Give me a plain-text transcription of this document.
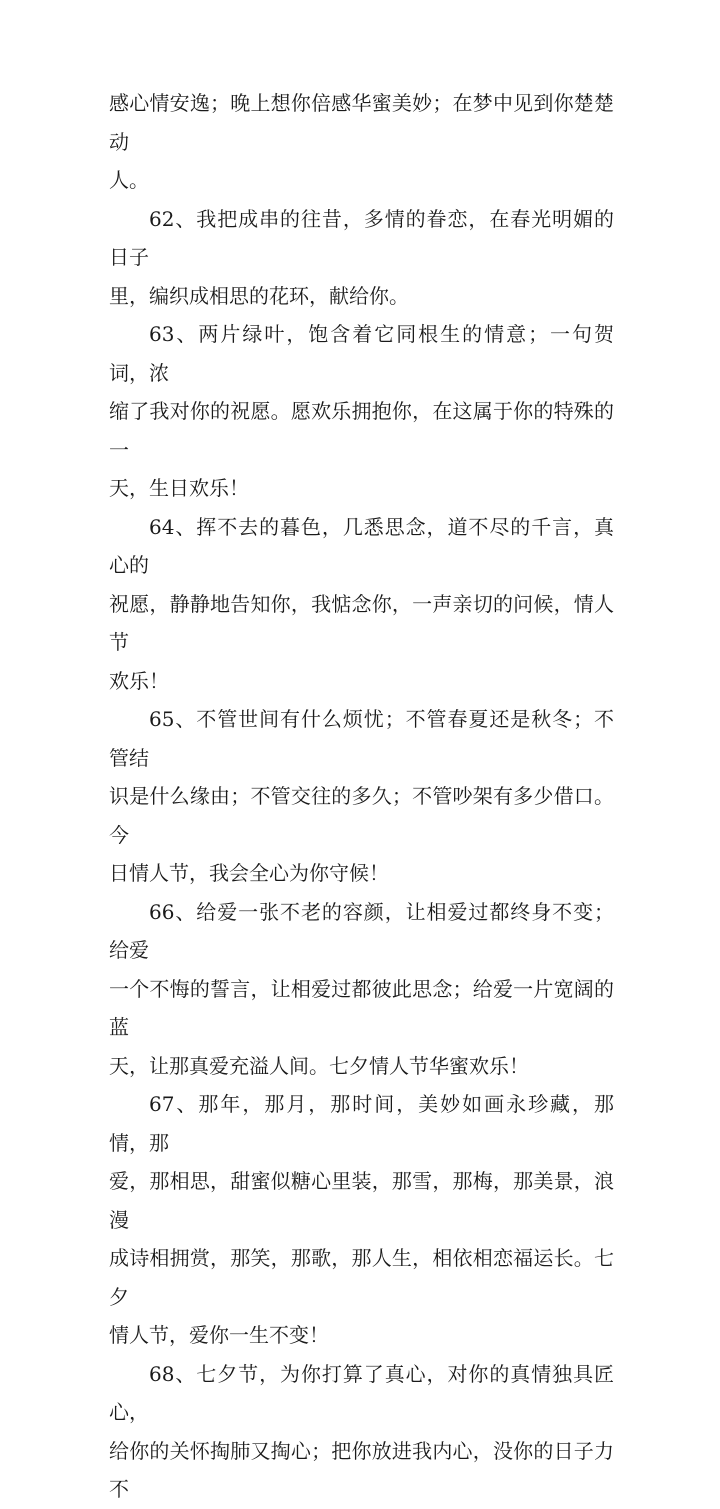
感心情安逸；晚上想你倍感华蜜美妙；在梦中见到你楚楚动
人。

62、我把成串的往昔，多情的眷恋，在春光明媚的日子
里，编织成相思的花环，献给你。

63、两片绿叶，饱含着它同根生的情意；一句贺词，浓
缩了我对你的祝愿。愿欢乐拥抱你，在这属于你的特殊的一
天，生日欢乐！

64、挥不去的暮色，几悉思念，道不尽的千言，真心的
祝愿，静静地告知你，我惦念你，一声亲切的问候，情人节
欢乐！

65、不管世间有什么烦忧；不管春夏还是秋冬；不管结
识是什么缘由；不管交往的多久；不管吵架有多少借口。今
日情人节，我会全心为你守候！

66、给爱一张不老的容颜，让相爱过都终身不变；给爱
一个不悔的誓言，让相爱过都彼此思念；给爱一片宽阔的蓝
天，让那真爱充溢人间。七夕情人节华蜜欢乐！

67、那年，那月，那时间，美妙如画永珍藏，那情，那
爱，那相思，甜蜜似糖心里装，那雪，那梅，那美景，浪漫
成诗相拥赏，那笑，那歌，那人生，相依相恋福运长。七夕
情人节，爱你一生不变！

68、七夕节，为你打算了真心，对你的真情独具匠心，
给你的关怀掏肺又掏心；把你放进我内心，没你的日子力不
